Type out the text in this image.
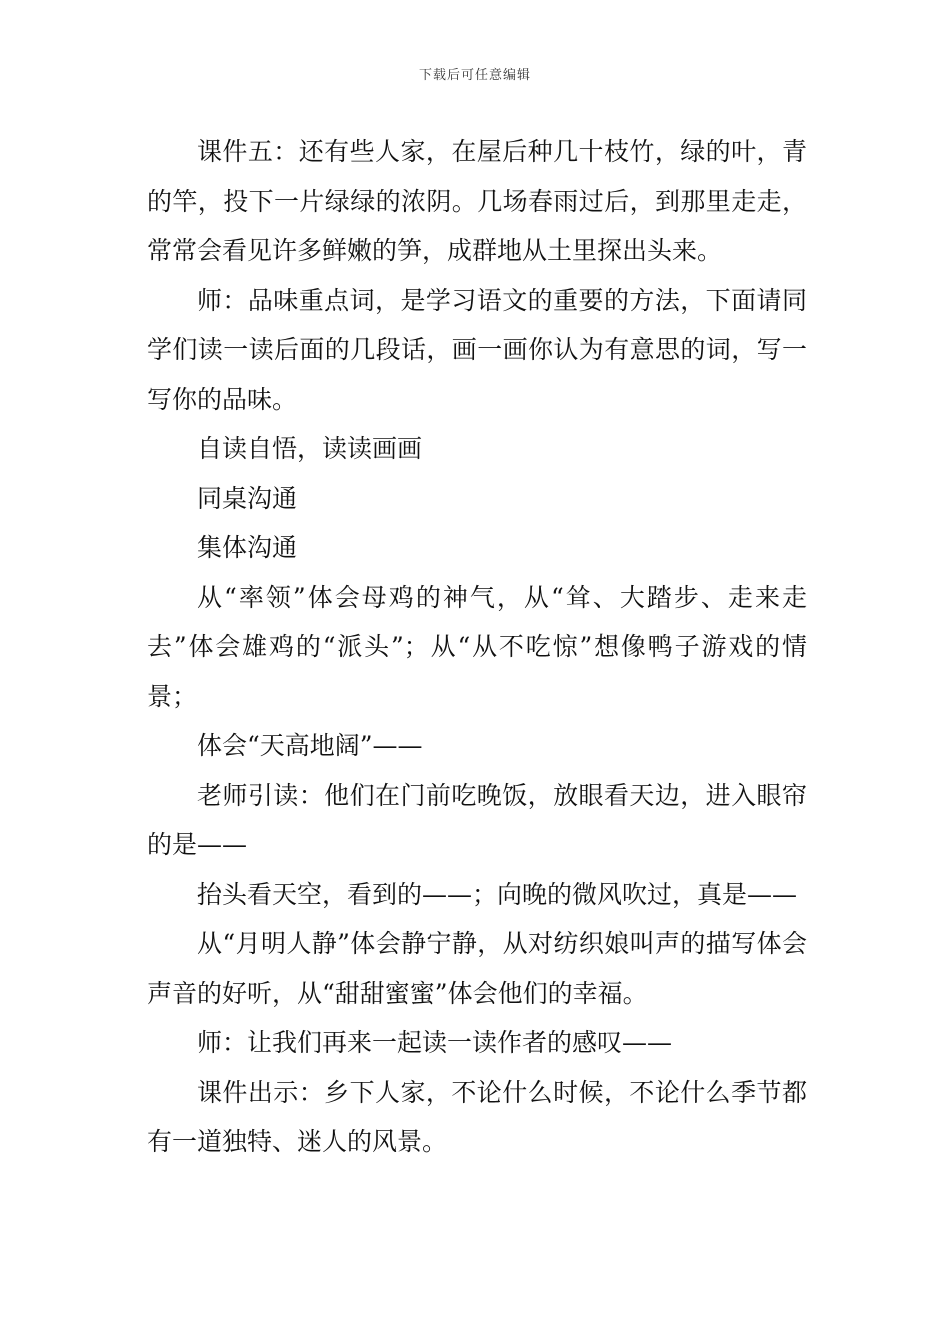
下载后可任意编辑

课件五：还有些人家，在屋后种几十枝竹，绿的叶，青的竿，投下一片绿绿的浓阴。几场春雨过后，到那里走走，常常会看见许多鲜嫩的笋，成群地从土里探出头来。

师：品味重点词，是学习语文的重要的方法，下面请同学们读一读后面的几段话，画一画你认为有意思的词，写一写你的品味。

自读自悟，读读画画

同桌沟通

集体沟通

从“率领”体会母鸡的神气，从“耸、大踏步、走来走去”体会雄鸡的“派头”；从“从不吃惊”想像鸭子游戏的情景；

体会“天高地阔”——

老师引读：他们在门前吃晚饭，放眼看天边，进入眼帘的是——

抬头看天空，看到的——；向晚的微风吹过，真是——

从“月明人静”体会静宁静，从对纺织娘叫声的描写体会声音的好听，从“甜甜蜜蜜”体会他们的幸福。

师：让我们再来一起读一读作者的感叹——

课件出示：乡下人家，不论什么时候，不论什么季节都有一道独特、迷人的风景。
